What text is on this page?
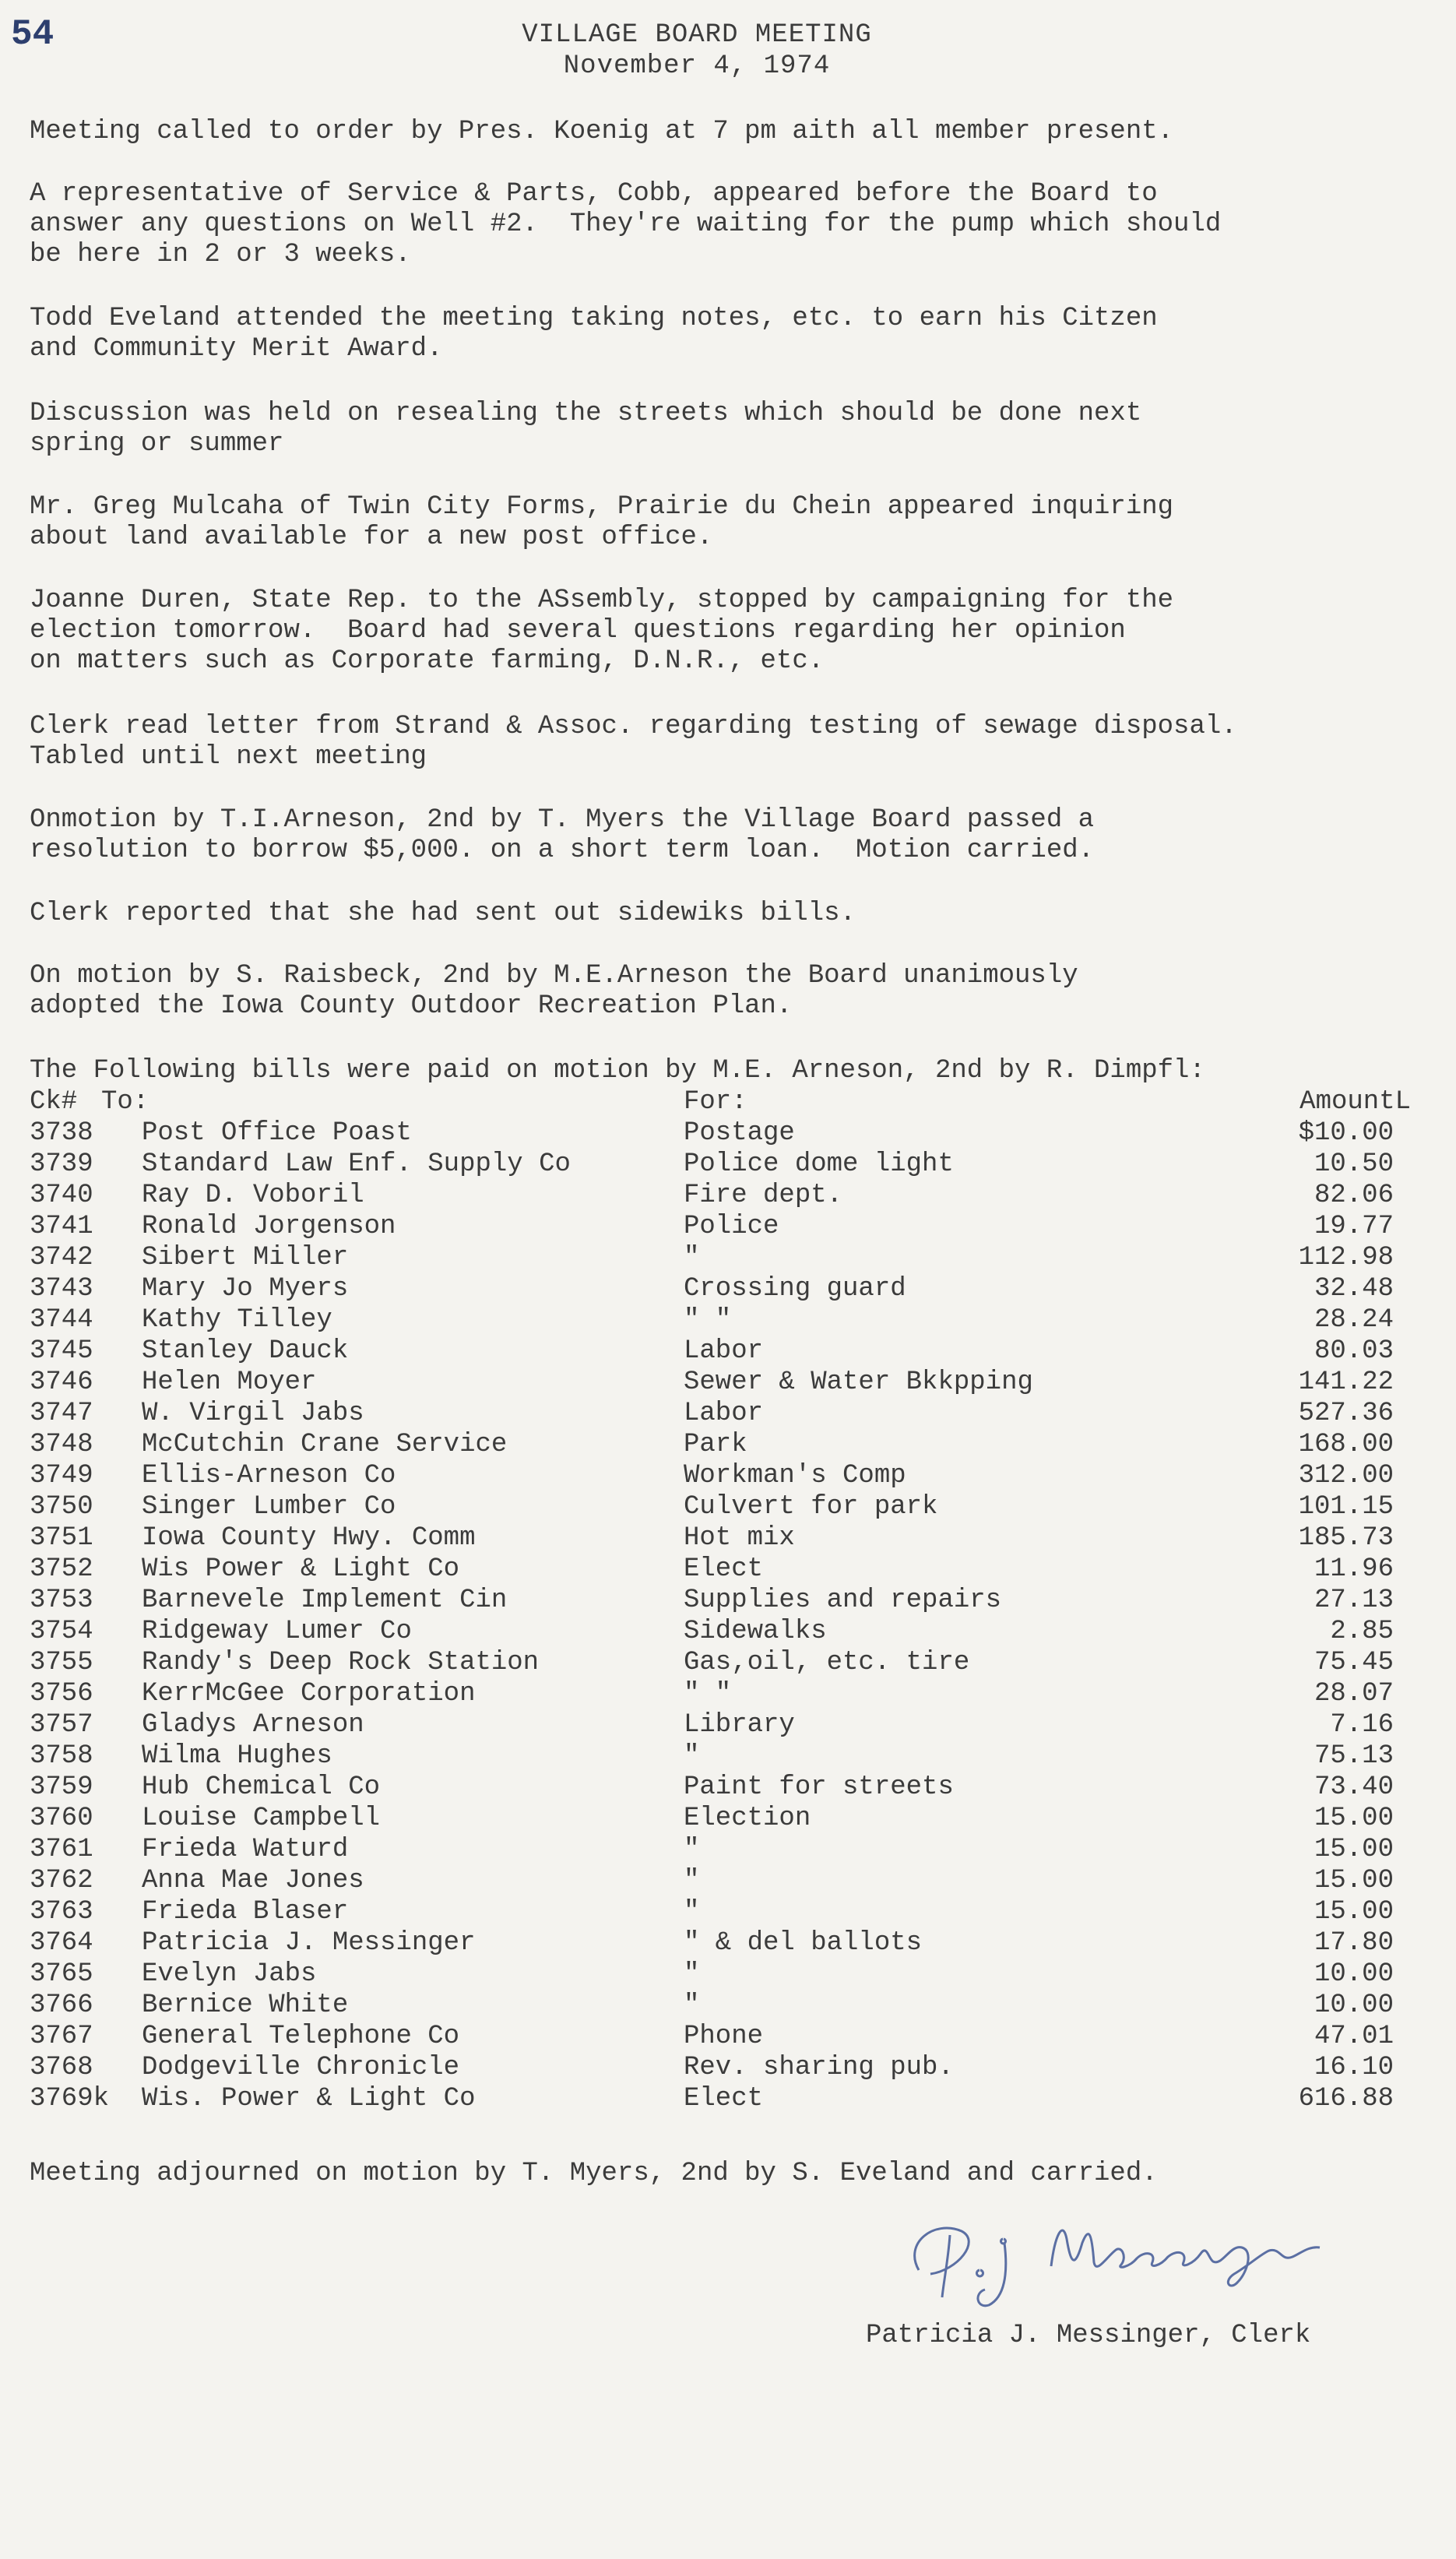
54	VILLAGE BOARD MEETING
November 4, 1974
Meeting called to order by Pres. Koenig at 7 pm aith all member present.
A representative of Service & Parts, Cobb, appeared before the Board to
answer any questions on Well #2.  They're waiting for the pump which should
be here in 2 or 3 weeks.
Todd Eveland attended the meeting taking notes, etc. to earn his Citzen
and Community Merit Award.
Discussion was held on resealing the streets which should be done next
spring or summer
Mr. Greg Mulcaha of Twin City Forms, Prairie du Chein appeared inquiring
about land available for a new post office.
Joanne Duren, State Rep. to the ASsembly, stopped by campaigning for the
election tomorrow.  Board had several questions regarding her opinion
on matters such as Corporate farming, D.N.R., etc.
Clerk read letter from Strand & Assoc. regarding testing of sewage disposal.
Tabled until next meeting
Onmotion by T.I.Arneson, 2nd by T. Myers the Village Board passed a
resolution to borrow $5,000. on a short term loan.  Motion carried.
Clerk reported that she had sent out sidewiks bills.
On motion by S. Raisbeck, 2nd by M.E.Arneson the Board unanimously
adopted the Iowa County Outdoor Recreation Plan.
The Following bills were paid on motion by M.E. Arneson, 2nd by R. Dimpfl:
Ck# To:	For:	AmountL
3738 Post Office Poast	Postage	$10.00
3739 Standard Law Enf. Supply Co	Police dome light	10.50
3740 Ray D. Voboril	Fire dept.	82.06
3741 Ronald Jorgenson	Police	19.77
3742 Sibert Miller	"	112.98
3743 Mary Jo Myers	Crossing guard	32.48
3744 Kathy Tilley	" "	28.24
3745 Stanley Dauck	Labor	80.03
3746 Helen Moyer	Sewer & Water Bkkpping	141.22
3747 W. Virgil Jabs	Labor	527.36
3748 McCutchin Crane Service	Park	168.00
3749 Ellis-Arneson Co	Workman's Comp	312.00
3750 Singer Lumber Co	Culvert for park	101.15
3751 Iowa County Hwy. Comm	Hot mix	185.73
3752 Wis Power & Light Co	Elect	11.96
3753 Barnevele Implement Cin	Supplies and repairs	27.13
3754 Ridgeway Lumer Co	Sidewalks	2.85
3755 Randy's Deep Rock Station	Gas,oil, etc. tire	75.45
3756 KerrMcGee Corporation	" "	28.07
3757 Gladys Arneson	Library	7.16
3758 Wilma Hughes	"	75.13
3759 Hub Chemical Co	Paint for streets	73.40
3760 Louise Campbell	Election	15.00
3761 Frieda Waturd	"	15.00
3762 Anna Mae Jones	"	15.00
3763 Frieda Blaser	"	15.00
3764 Patricia J. Messinger	" & del ballots	17.80
3765 Evelyn Jabs	"	10.00
3766 Bernice White	"	10.00
3767 General Telephone Co	Phone	47.01
3768 Dodgeville Chronicle	Rev. sharing pub.	16.10
3769k Wis. Power & Light Co	Elect	616.88
Meeting adjourned on motion by T. Myers, 2nd by S. Eveland and carried.
Patricia J. Messinger, Clerk
